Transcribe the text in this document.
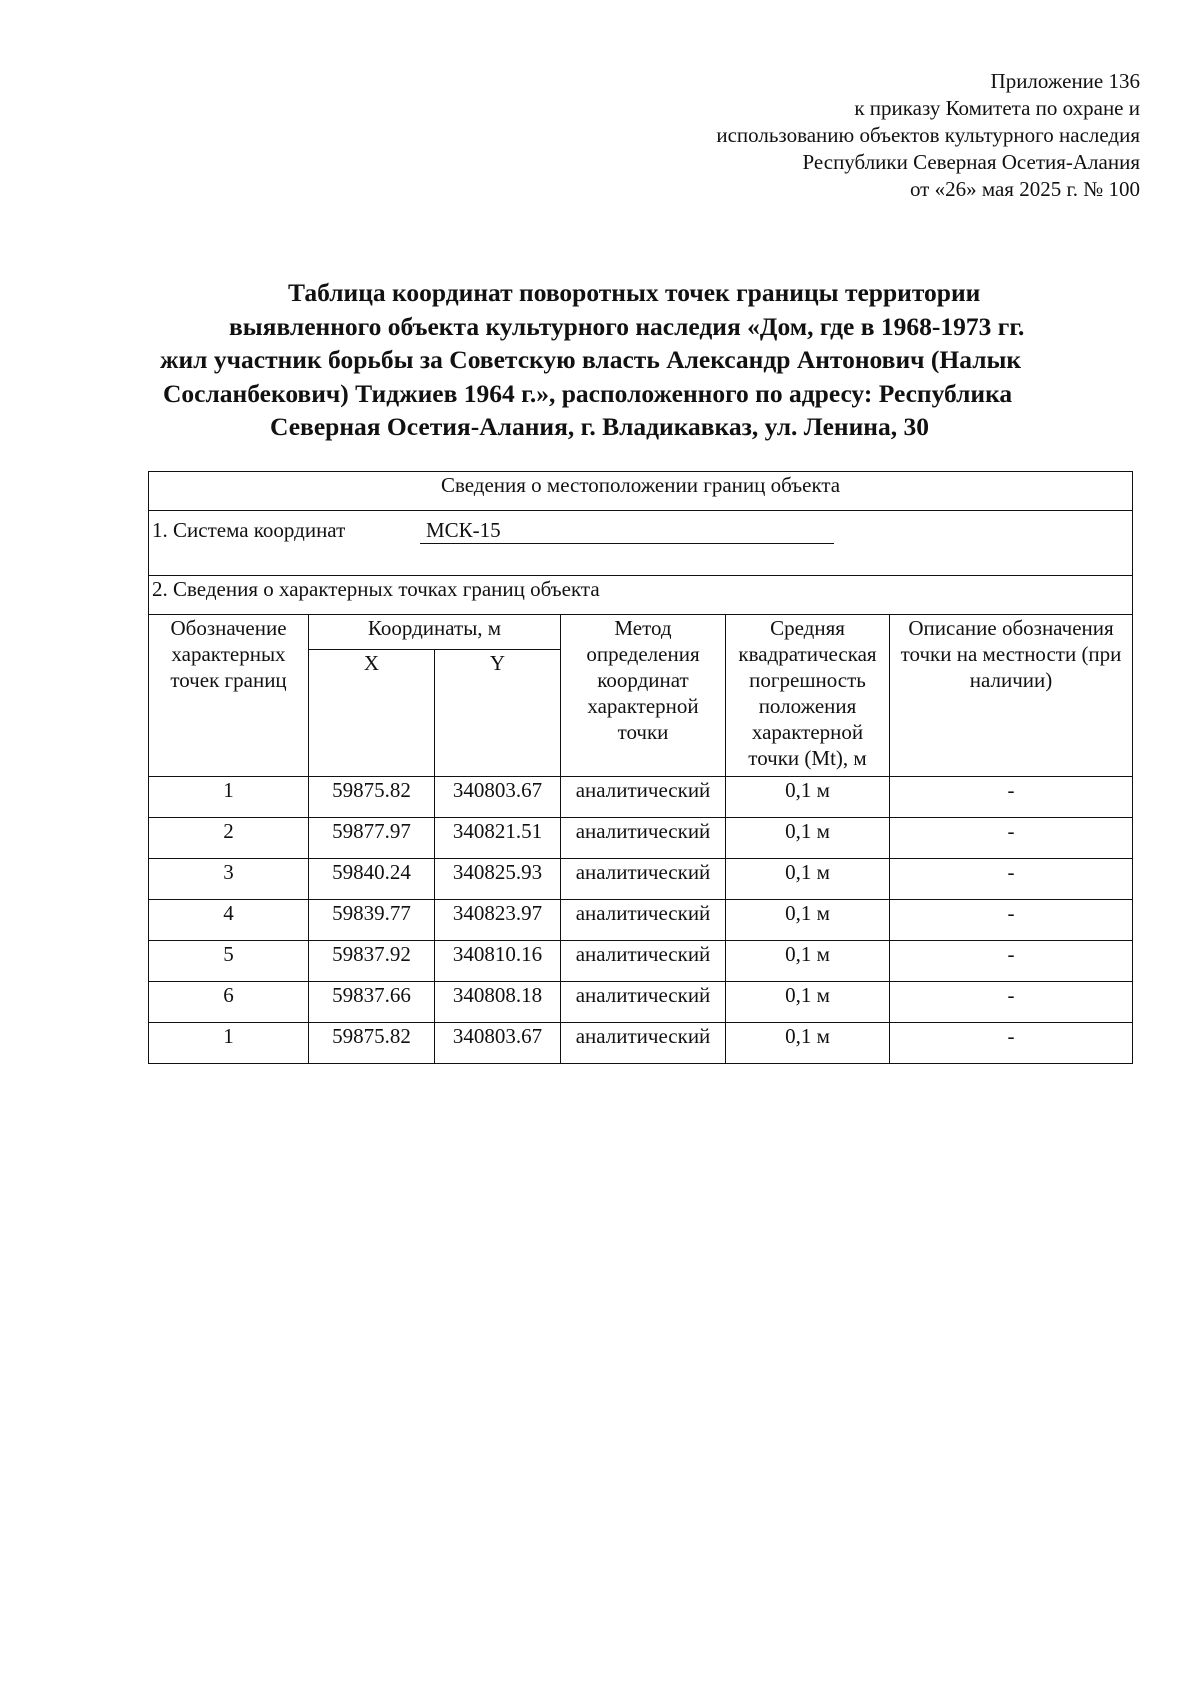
Приложение 136
к приказу Комитета по охране и
использованию объектов культурного наследия
Республики Северная Осетия-Алания
от «26» мая 2025 г. № 100
Таблица координат поворотных точек границы территории
выявленного объекта культурного наследия «Дом, где в 1968-1973 гг.
жил участник борьбы за Советскую власть Александр Антонович (Налык
Сосланбекович) Тиджиев 1964 г.», расположенного по адресу: Республика
Северная Осетия-Алания, г. Владикавказ, ул. Ленина, 30
Сведения о местоположении границ объекта					
1. Система координат МСК-15					
2. Сведения о характерных точках границ объекта					
Обозначение характерных точек границ	Координаты, м		Метод определения координат характерной точки	Средняя квадратическая погрешность положения характерной точки (Mt), м	Описание обозначения точки на местности (при наличии)
	X	Y			
1	59875.82	340803.67	аналитический	0,1 м	-
2	59877.97	340821.51	аналитический	0,1 м	-
3	59840.24	340825.93	аналитический	0,1 м	-
4	59839.77	340823.97	аналитический	0,1 м	-
5	59837.92	340810.16	аналитический	0,1 м	-
6	59837.66	340808.18	аналитический	0,1 м	-
1	59875.82	340803.67	аналитический	0,1 м	-
